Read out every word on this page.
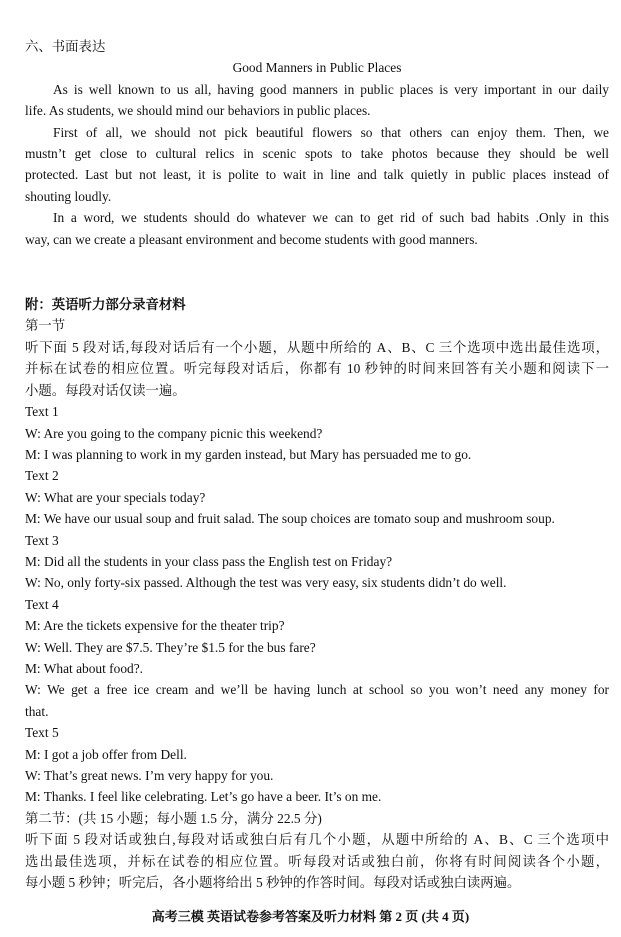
六、书面表达
Good Manners in Public Places
As is well known to us all, having good manners in public places is very important in our daily
life. As students, we should mind our behaviors in public places.
First of all, we should not pick beautiful flowers so that others can enjoy them. Then, we
mustn’t get close to cultural relics in scenic spots to take photos because they should be well
protected. Last but not least, it is polite to wait in line and talk quietly in public places instead of
shouting loudly.
In a word, we students should do whatever we can to get rid of such bad habits .Only in this
way, can we create a pleasant environment and become students with good manners.
附：英语听力部分录音材料
第一节
听下面 5 段对话,每段对话后有一个小题，从题中所给的 A、B、C 三个选项中选出最佳选项，
并标在试卷的相应位置。听完每段对话后，你都有 10 秒钟的时间来回答有关小题和阅读下一
小题。每段对话仅读一遍。
Text 1
W: Are you going to the company picnic this weekend?
M: I was planning to work in my garden instead, but Mary has persuaded me to go.
Text 2
W: What are your specials today?
M: We have our usual soup and fruit salad. The soup choices are tomato soup and mushroom soup.
Text 3
M: Did all the students in your class pass the English test on Friday?
W: No, only forty-six passed. Although the test was very easy, six students didn’t do well.
Text 4
M: Are the tickets expensive for the theater trip?
W: Well. They are $7.5. They’re $1.5 for the bus fare?
M: What about food?.
W: We get a free ice cream and we’ll be having lunch at school so you won’t need any money for
that.
Text 5
M: I got a job offer from Dell.
W: That’s great news. I’m very happy for you.
M: Thanks. I feel like celebrating. Let’s go have a beer. It’s on me.
第二节：(共 15 小题；每小题 1.5 分，满分 22.5 分)
听下面 5 段对话或独白,每段对话或独白后有几个小题，从题中所给的 A、B、C 三个选项中
选出最佳选项，并标在试卷的相应位置。听每段对话或独白前，你将有时间阅读各个小题，
每小题 5 秒钟；听完后，各小题将给出 5 秒钟的作答时间。每段对话或独白读两遍。
高考三模 英语试卷参考答案及听力材料 第 2 页 (共 4 页)
